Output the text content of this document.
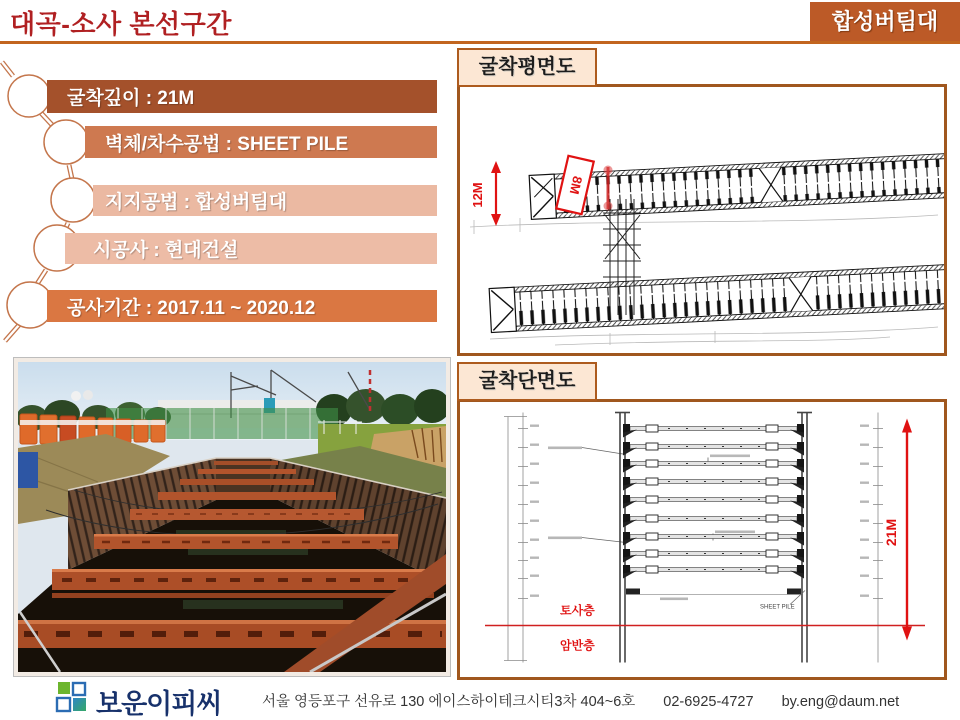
대곡-소사 본선구간	합성버팀대
굴착깊이 : 21M
벽체/차수공법 : SHEET PILE
지지공법 : 합성버팀대
시공사 : 현대건설
공사기간 : 2017.11 ~ 2020.12
굴착평면도
12M	8M
굴착단면도
SHEET PILE
토사층
암반층
21M
보운이피씨	서울 영등포구 선유로 130 에이스하이테크시티3차 404~6호 02-6925-4727 by.eng@daum.net
